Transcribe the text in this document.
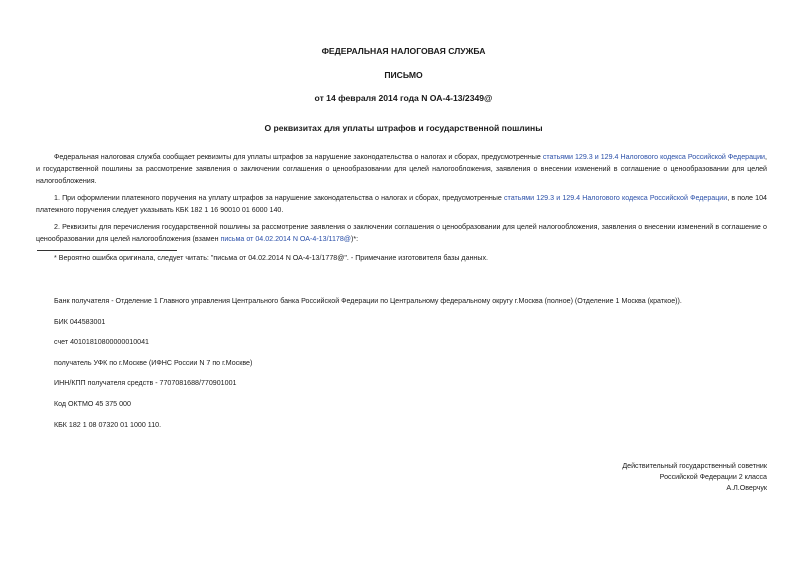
ФЕДЕРАЛЬНАЯ НАЛОГОВАЯ СЛУЖБА
ПИСЬМО
от 14 февраля 2014 года N ОА-4-13/2349@
О реквизитах для уплаты штрафов и государственной пошлины
Федеральная налоговая служба сообщает реквизиты для уплаты штрафов за нарушение законодательства о налогах и сборах, предусмотренные статьями 129.3 и 129.4 Налогового кодекса Российской Федерации, и государственной пошлины за рассмотрение заявления о заключении соглашения о ценообразовании для целей налогообложения, заявления о внесении изменений в соглашение о ценообразовании для целей налогообложения.
1. При оформлении платежного поручения на уплату штрафов за нарушение законодательства о налогах и сборах, предусмотренные статьями 129.3 и 129.4 Налогового кодекса Российской Федерации, в поле 104 платежного поручения следует указывать КБК 182 1 16 90010 01 6000 140.
2. Реквизиты для перечисления государственной пошлины за рассмотрение заявления о заключении соглашения о ценообразовании для целей налогообложения, заявления о внесении изменений в соглашение о ценообразовании для целей налогообложения (взамен письма от 04.02.2014 N ОА-4-13/1178@)*:
* Вероятно ошибка оригинала, следует читать: "письма от 04.02.2014 N ОА-4-13/1778@". - Примечание изготовителя базы данных.
Банк получателя - Отделение 1 Главного управления Центрального банка Российской Федерации по Центральному федеральному округу г.Москва (полное) (Отделение 1 Москва (краткое)).
БИК 044583001
счет 40101810800000010041
получатель УФК по г.Москве (ИФНС России N 7 по г.Москве)
ИНН/КПП получателя средств - 7707081688/770901001
Код ОКТМО 45 375 000
КБК 182 1 08 07320 01 1000 110.
Действительный государственный советник
Российской Федерации 2 класса
А.Л.Оверчук
